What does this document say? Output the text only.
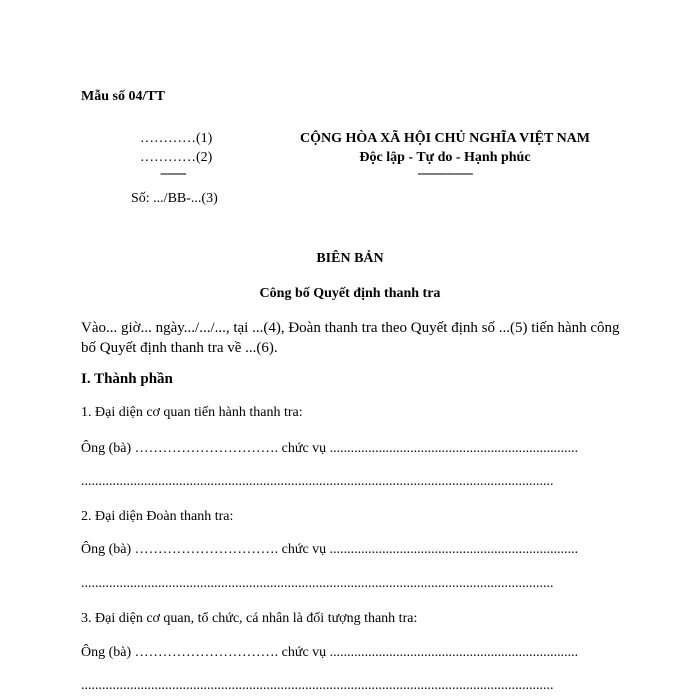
Mẫu số 04/TT
…………(1)
…………(2)
-------
Số: .../BB-...(3)
CỘNG HÒA XÃ HỘI CHỦ NGHĨA VIỆT NAM
Độc lập - Tự do - Hạnh phúc
---------------
BIÊN BẢN
Công bố Quyết định thanh tra
Vào... giờ... ngày.../.../..., tại ...(4), Đoàn thanh tra theo Quyết định số ...(5) tiến hành công bố Quyết định thanh tra về ...(6).
I. Thành phần
1. Đại diện cơ quan tiến hành thanh tra:
Ông (bà) …………………………. chức vụ .......................................................................
.......................................................................................................................................
2. Đại diện Đoàn thanh tra:
Ông (bà) …………………………. chức vụ .......................................................................
.......................................................................................................................................
3. Đại diện cơ quan, tổ chức, cá nhân là đối tượng thanh tra:
Ông (bà) …………………………. chức vụ .......................................................................
.......................................................................................................................................
